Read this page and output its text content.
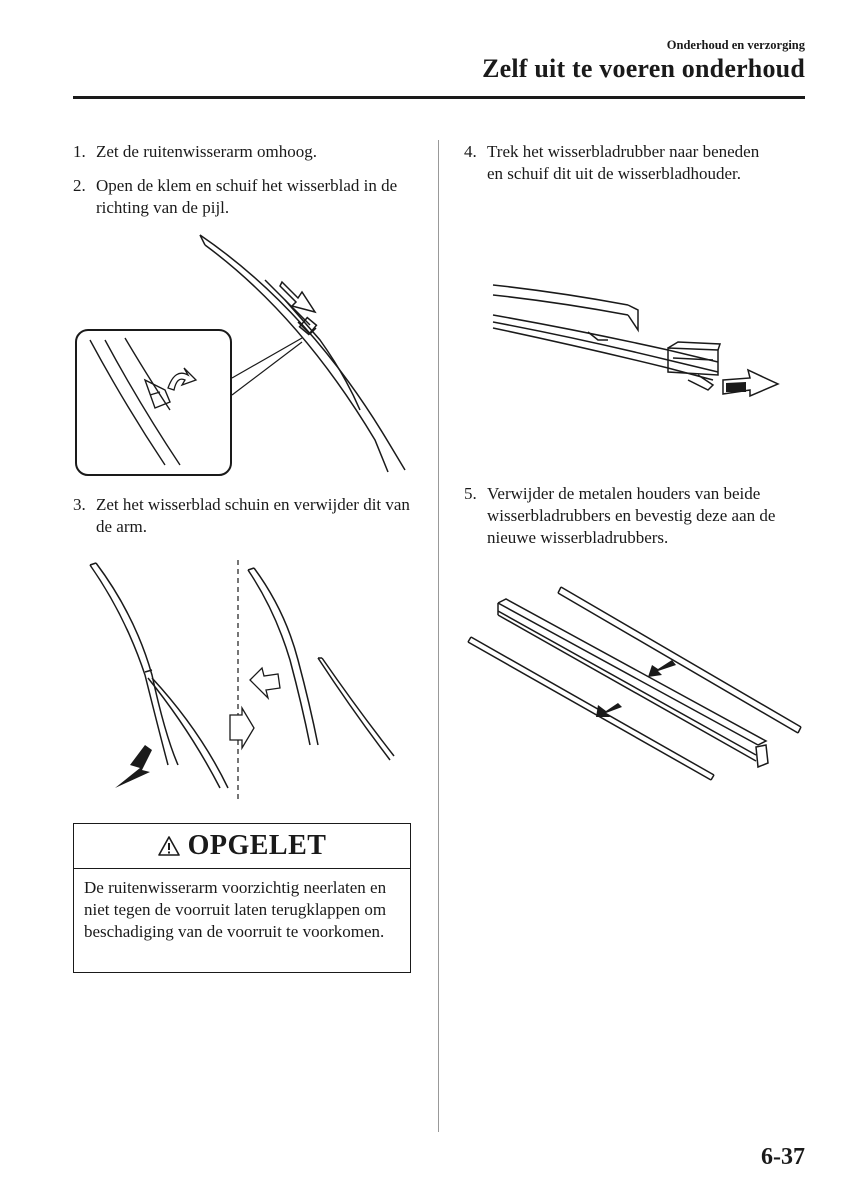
Onderhoud en verzorging
Zelf uit te voeren onderhoud
1. Zet de ruitenwisserarm omhoog.
2. Open de klem en schuif het wisserblad in de richting van de pijl.
3. Zet het wisserblad schuin en verwijder dit van de arm.
OPGELET
De ruitenwisserarm voorzichtig neerlaten en niet tegen de voorruit laten terugklappen om beschadiging van de voorruit te voorkomen.
4. Trek het wisserbladrubber naar beneden en schuif dit uit de wisserbladhouder.
5. Verwijder de metalen houders van beide wisserbladrubbers en bevestig deze aan de nieuwe wisserbladrubbers.
6-37
